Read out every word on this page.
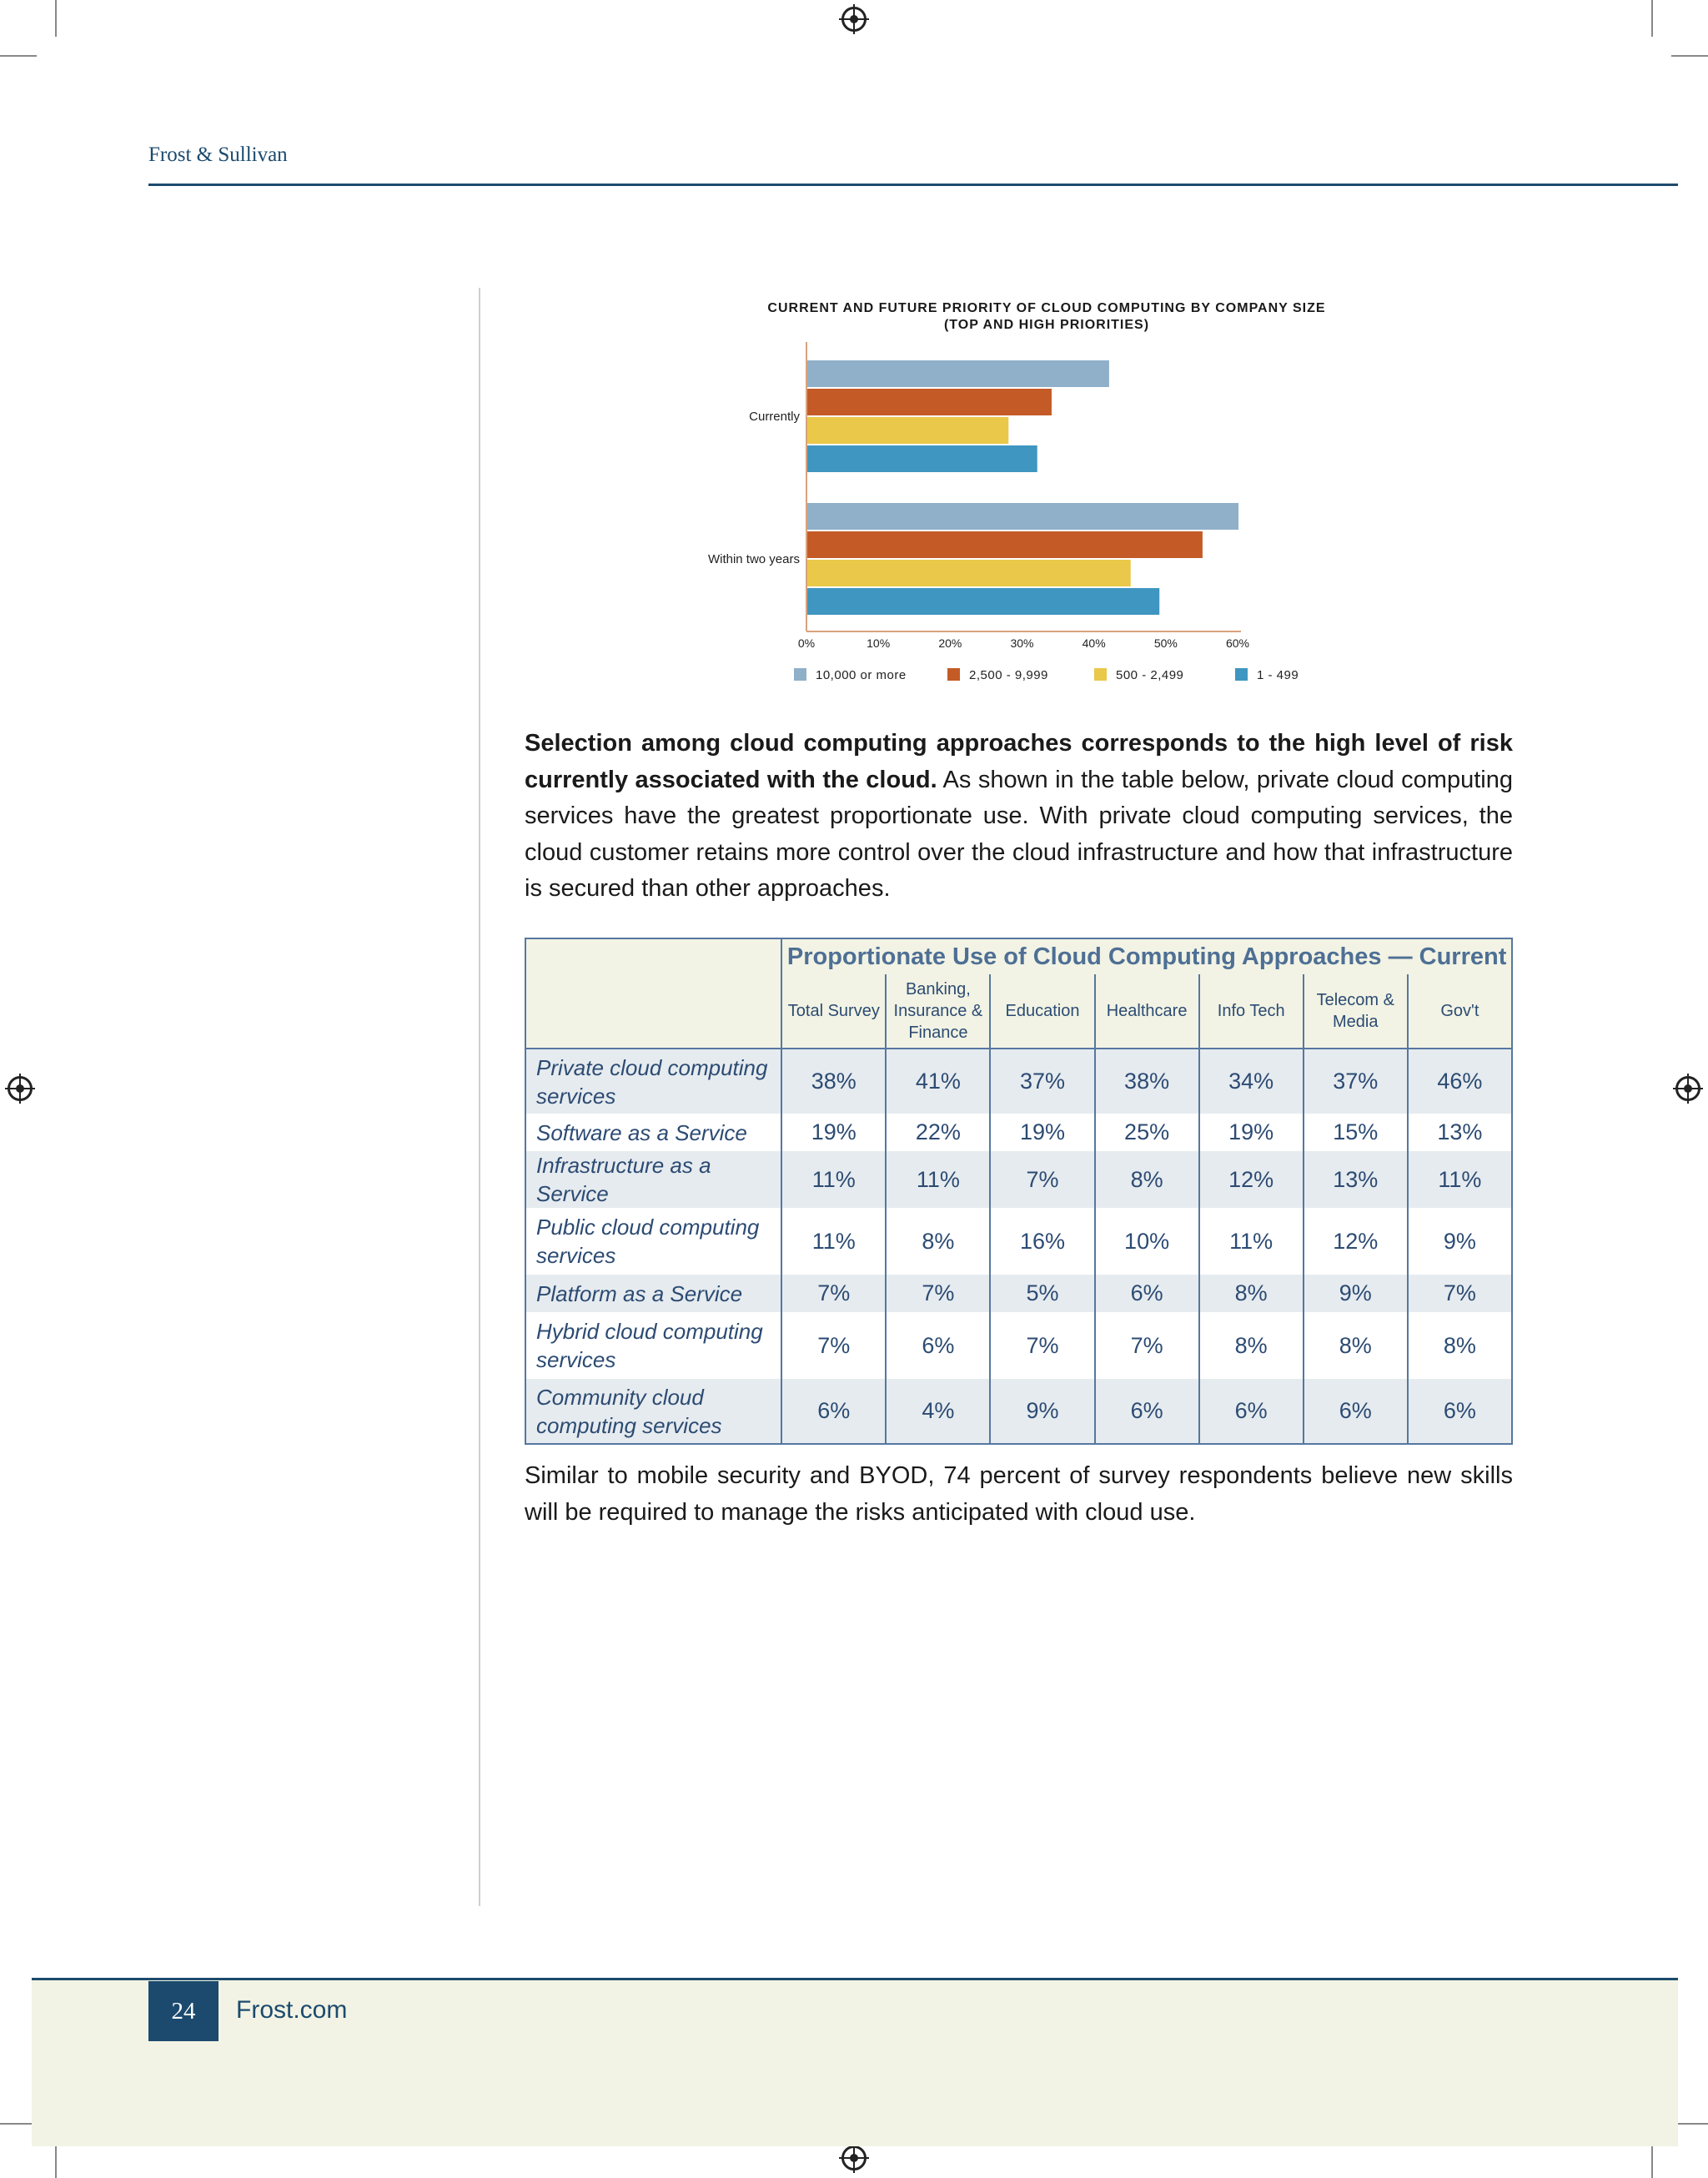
Frost & Sullivan
CURRENT AND FUTURE PRIORITY OF CLOUD COMPUTING BY COMPANY SIZE
(TOP AND HIGH PRIORITIES)
Currently
Within two years
0%	10%	20%	30%	40%	50%	60%
10,000 or more	2,500 - 9,999	500 - 2,499	1 - 499
Selection among cloud computing approaches corresponds to the high level of risk currently associated with the cloud. As shown in the table below, private cloud computing services have the greatest proportionate use. With private cloud computing services, the cloud customer retains more control over the cloud infrastructure and how that infrastructure is secured than other approaches.
	Proportionate Use of Cloud Computing Approaches — Current						
	Total Survey	Banking, Insurance & Finance	Education	Healthcare	Info Tech	Telecom & Media	Gov't
Private cloud computing services	38%	41%	37%	38%	34%	37%	46%
Software as a Service	19%	22%	19%	25%	19%	15%	13%
Infrastructure as a Service	11%	11%	7%	8%	12%	13%	11%
Public cloud computing services	11%	8%	16%	10%	11%	12%	9%
Platform as a Service	7%	7%	5%	6%	8%	9%	7%
Hybrid cloud computing services	7%	6%	7%	7%	8%	8%	8%
Community cloud computing services	6%	4%	9%	6%	6%	6%	6%
Similar to mobile security and BYOD, 74 percent of survey respondents believe new skills will be required to manage the risks anticipated with cloud use.
24	Frost.com
